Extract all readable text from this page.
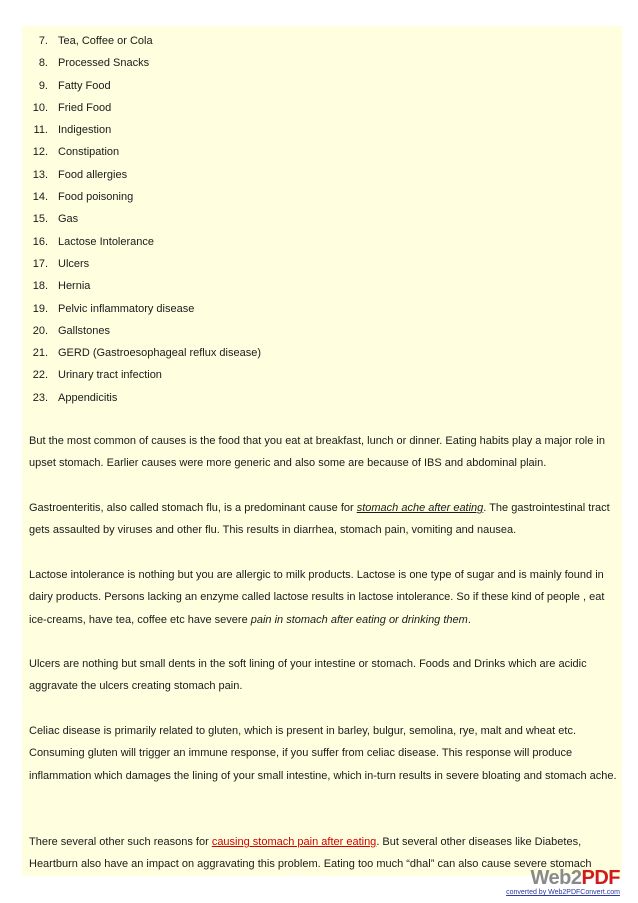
7. Tea, Coffee or Cola
8. Processed Snacks
9. Fatty Food
10. Fried Food
11. Indigestion
12. Constipation
13. Food allergies
14. Food poisoning
15. Gas
16. Lactose Intolerance
17. Ulcers
18. Hernia
19. Pelvic inflammatory disease
20. Gallstones
21. GERD (Gastroesophageal reflux disease)
22. Urinary tract infection
23. Appendicitis

But the most common of causes is the food that you eat at breakfast, lunch or dinner. Eating habits play a major role in upset stomach. Earlier causes were more generic and also some are because of IBS and abdominal plain.

Gastroenteritis, also called stomach flu, is a predominant cause for stomach ache after eating. The gastrointestinal tract gets assaulted by viruses and other flu. This results in diarrhea, stomach pain, vomiting and nausea.

Lactose intolerance is nothing but you are allergic to milk products. Lactose is one type of sugar and is mainly found in dairy products. Persons lacking an enzyme called lactose results in lactose intolerance. So if these kind of people , eat ice-creams, have tea, coffee etc have severe pain in stomach after eating or drinking them.

Ulcers are nothing but small dents in the soft lining of your intestine or stomach. Foods and Drinks which are acidic aggravate the ulcers creating stomach pain.

Celiac disease is primarily related to gluten, which is present in barley, bulgur, semolina, rye, malt and wheat etc. Consuming gluten will trigger an immune response, if you suffer from celiac disease. This response will produce inflammation which damages the lining of your small intestine, which in-turn results in severe bloating and stomach ache.

There several other such reasons for causing stomach pain after eating. But several other diseases like Diabetes, Heartburn also have an impact on aggravating this problem. Eating too much “dhal” can also cause severe stomach

Web2PDF
converted by Web2PDFConvert.com
